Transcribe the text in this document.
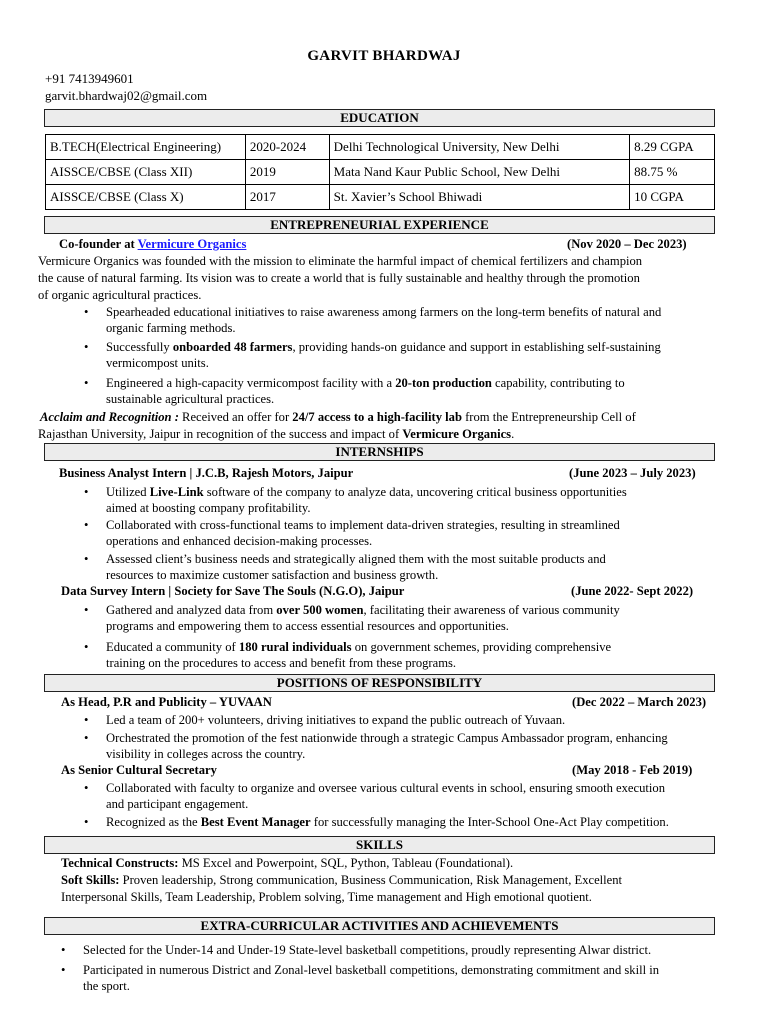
GARVIT BHARDWAJ
+91 7413949601
garvit.bhardwaj02@gmail.com
EDUCATION
B.TECH(Electrical Engineering)	2020-2024	Delhi Technological University, New Delhi	8.29 CGPA
AISSCE/CBSE (Class XII)	2019	Mata Nand Kaur Public School, New Delhi	88.75 %
AISSCE/CBSE (Class X)	2017	St. Xavier’s School Bhiwadi	10 CGPA
ENTREPRENEURIAL EXPERIENCE
Co-founder at Vermicure Organics	(Nov 2020 – Dec 2023)
Vermicure Organics was founded with the mission to eliminate the harmful impact of chemical fertilizers and champion
the cause of natural farming. Its vision was to create a world that is fully sustainable and healthy through the promotion
of organic agricultural practices.
• Spearheaded educational initiatives to raise awareness among farmers on the long-term benefits of natural and
organic farming methods.
• Successfully onboarded 48 farmers, providing hands-on guidance and support in establishing self-sustaining
vermicompost units.
• Engineered a high-capacity vermicompost facility with a 20-ton production capability, contributing to
sustainable agricultural practices.
Acclaim and Recognition : Received an offer for 24/7 access to a high-facility lab from the Entrepreneurship Cell of
Rajasthan University, Jaipur in recognition of the success and impact of Vermicure Organics.
INTERNSHIPS
Business Analyst Intern | J.C.B, Rajesh Motors, Jaipur	(June 2023 – July 2023)
• Utilized Live-Link software of the company to analyze data, uncovering critical business opportunities
aimed at boosting company profitability.
• Collaborated with cross-functional teams to implement data-driven strategies, resulting in streamlined
operations and enhanced decision-making processes.
• Assessed client’s business needs and strategically aligned them with the most suitable products and
resources to maximize customer satisfaction and business growth.
Data Survey Intern | Society for Save The Souls (N.G.O), Jaipur	(June 2022- Sept 2022)
• Gathered and analyzed data from over 500 women, facilitating their awareness of various community
programs and empowering them to access essential resources and opportunities.
• Educated a community of 180 rural individuals on government schemes, providing comprehensive
training on the procedures to access and benefit from these programs.
POSITIONS OF RESPONSIBILITY
As Head, P.R and Publicity – YUVAAN	(Dec 2022 – March 2023)
• Led a team of 200+ volunteers, driving initiatives to expand the public outreach of Yuvaan.
• Orchestrated the promotion of the fest nationwide through a strategic Campus Ambassador program, enhancing
visibility in colleges across the country.
As Senior Cultural Secretary	(May 2018 - Feb 2019)
• Collaborated with faculty to organize and oversee various cultural events in school, ensuring smooth execution
and participant engagement.
• Recognized as the Best Event Manager for successfully managing the Inter-School One-Act Play competition.
SKILLS
Technical Constructs: MS Excel and Powerpoint, SQL, Python, Tableau (Foundational).
Soft Skills: Proven leadership, Strong communication, Business Communication, Risk Management, Excellent
Interpersonal Skills, Team Leadership, Problem solving, Time management and High emotional quotient.
EXTRA-CURRICULAR ACTIVITIES AND ACHIEVEMENTS
• Selected for the Under-14 and Under-19 State-level basketball competitions, proudly representing Alwar district.
• Participated in numerous District and Zonal-level basketball competitions, demonstrating commitment and skill in
the sport.
